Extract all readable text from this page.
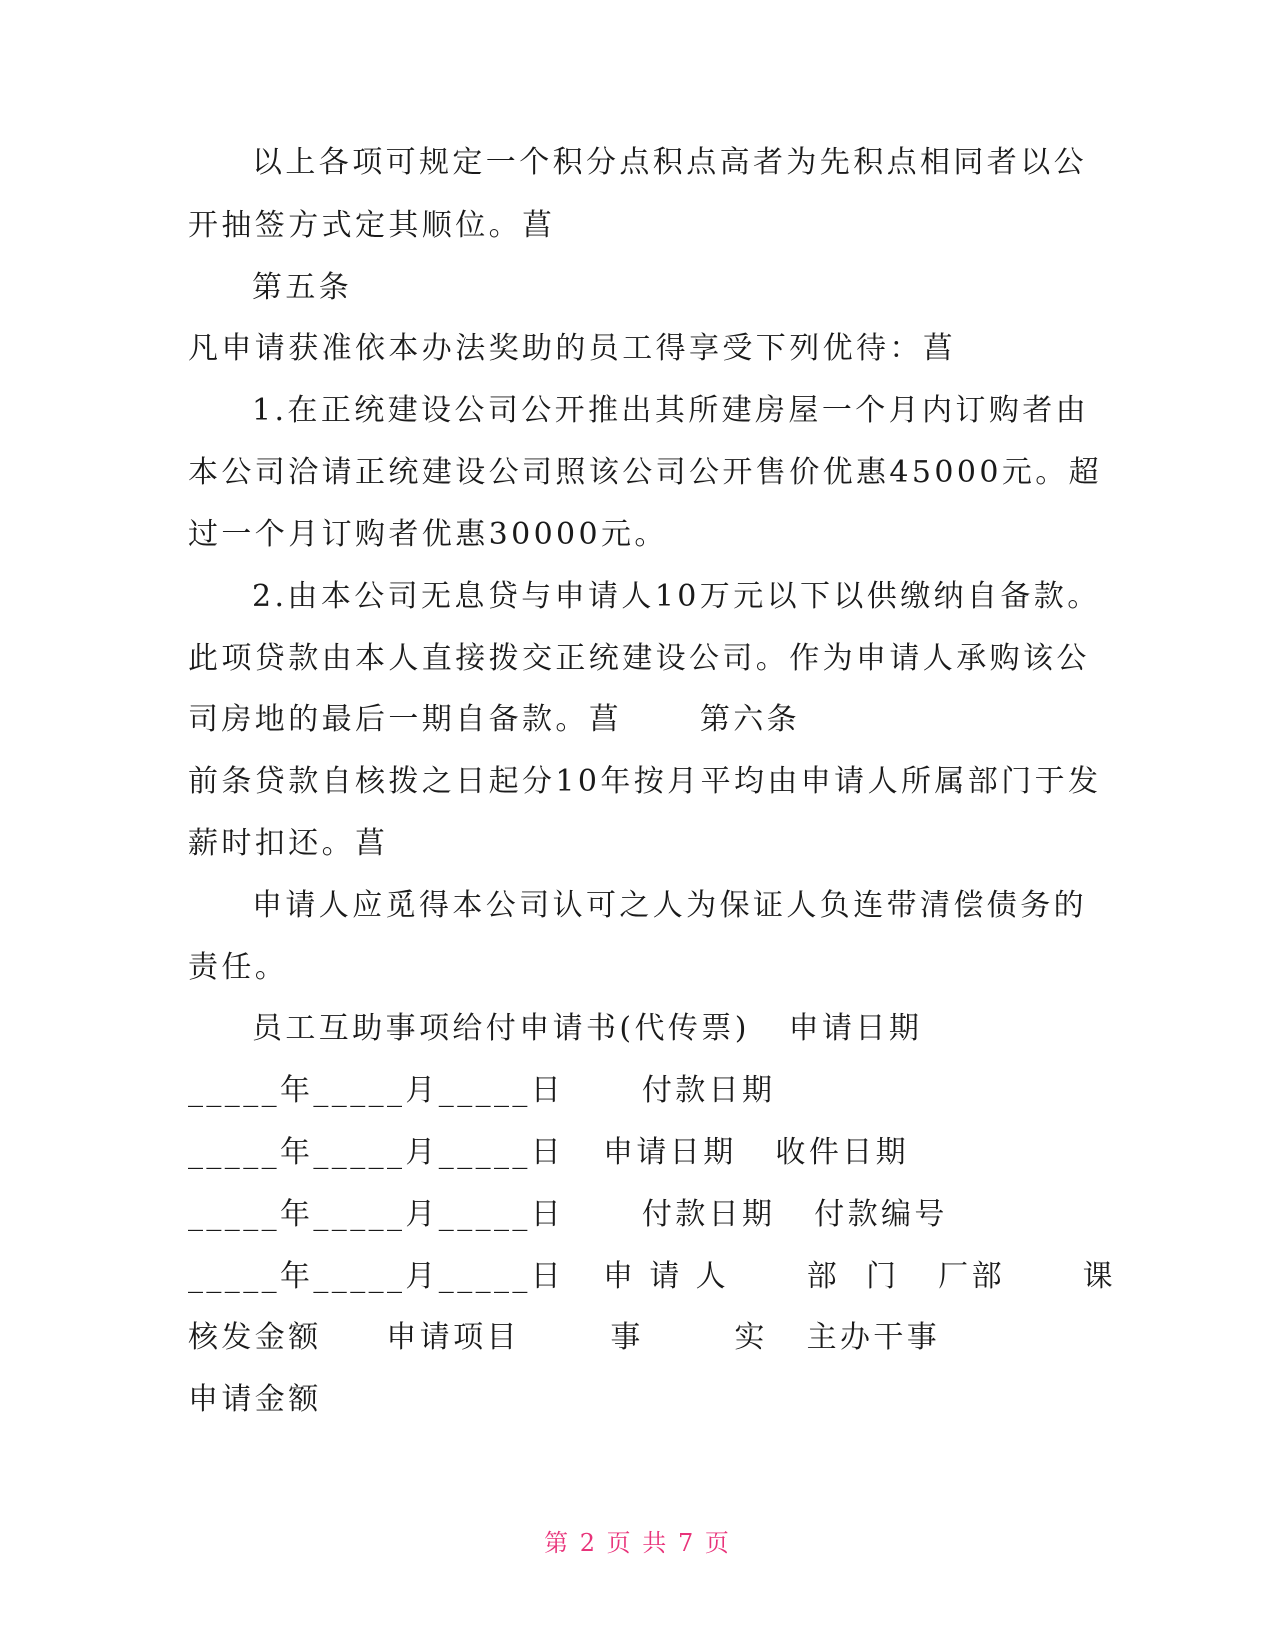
以上各项可规定一个积分点积点高者为先积点相同者以公
开抽签方式定其顺位。菖
第五条
凡申请获准依本办法奖助的员工得享受下列优待：菖
1.在正统建设公司公开推出其所建房屋一个月内订购者由
本公司洽请正统建设公司照该公司公开售价优惠45000元。超
过一个月订购者优惠30000元。
2.由本公司无息贷与申请人10万元以下以供缴纳自备款。
此项贷款由本人直接拨交正统建设公司。作为申请人承购该公
司房地的最后一期自备款。菖      第六条
前条贷款自核拨之日起分10年按月平均由申请人所属部门于发
薪时扣还。菖
申请人应觅得本公司认可之人为保证人负连带清偿债务的
责任。
员工互助事项给付申请书(代传票)   申请日期
_____年_____月_____日      付款日期
_____年_____月_____日   申请日期   收件日期
_____年_____月_____日      付款日期   付款编号
_____年_____月_____日   申 请 人      部  门   厂部      课
核发金额     申请项目       事       实   主办干事
申请金额
第 2 页 共 7 页
